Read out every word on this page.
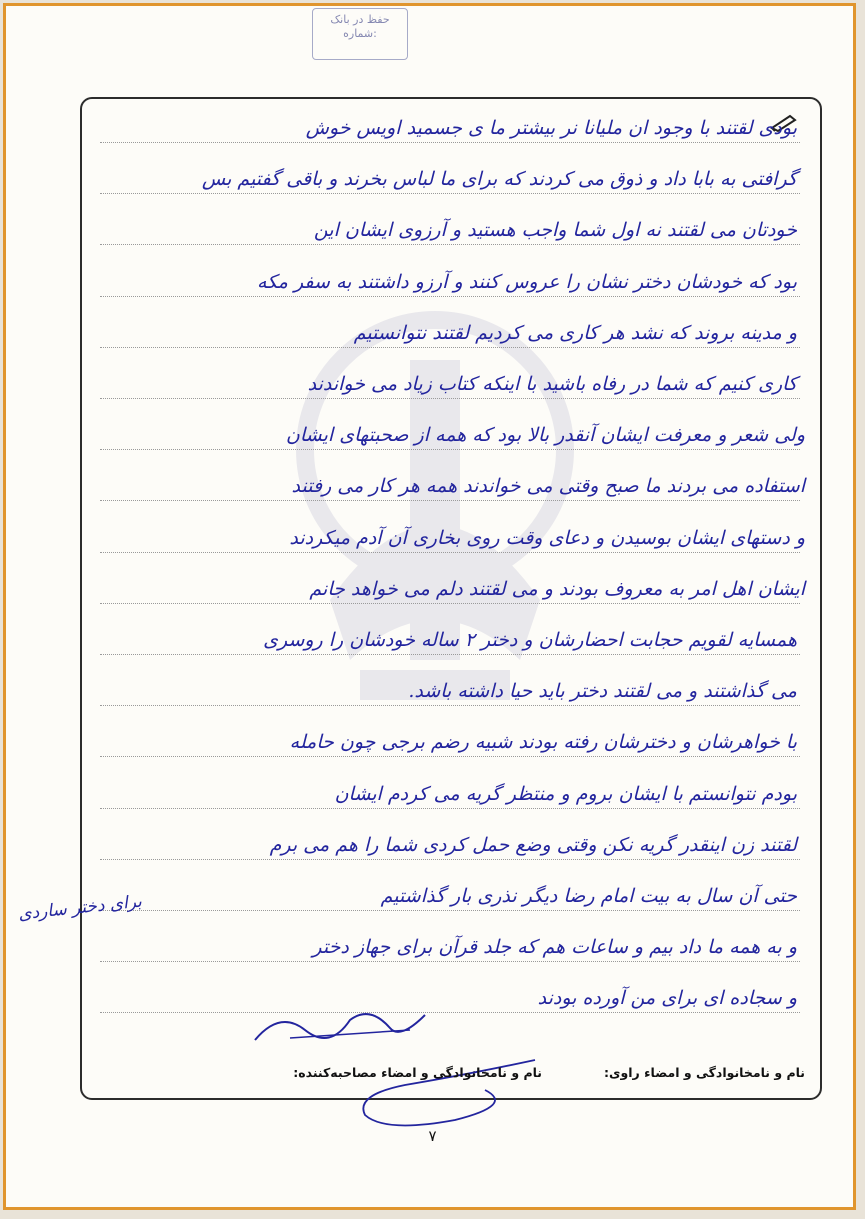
حفظ در بانک
شماره:
بودی لقتند با وجود ان ملیانا نر بیشتر ما ی جسمید اویس خوش
گرافتی به بابا داد و ذوق می کردند که برای ما لباس بخرند و باقی گفتیم بس
خودتان می لقتند نه اول شما واجب هستید و آرزوی ایشان این
بود که خودشان دختر نشان را عروس کنند و آرزو داشتند به سفر مکه
و مدینه بروند که نشد هر کاری می کردیم لقتند نتوانستیم
کاری کنیم که شما در رفاه باشید با اینکه کتاب زیاد می خواندند
ولی شعر و معرفت ایشان آنقدر بالا بود که همه از صحبتهای ایشان
استفاده می بردند ما صبح وقتی می خواندند همه هر کار می رفتند
و دستهای ایشان بوسیدن و دعای وقت روی بخاری آن آدم میکردند
ایشان اهل امر به معروف بودند و می لقتند دلم می خواهد جانم
همسایه لقویم حجابت احضارشان و دختر ۲ ساله خودشان را روسری
می گذاشتند و می لقتند دختر باید حیا داشته باشد.
با خواهرشان و دخترشان رفته بودند شبیه رضم برجی چون حامله
بودم نتوانستم با ایشان بروم و منتظر گریه می کردم ایشان
لقتند زن اینقدر گریه نکن وقتی وضع حمل کردی شما را هم می برم
حتی آن سال به بیت امام رضا دیگر نذری بار گذاشتیم
و به همه ما داد بیم و ساعات هم که جلد قرآن برای جهاز دختر
و سجاده ای برای من آورده بودند
برای دختر ساردی
نام و نامخانوادگی و امضاء مصاحبه‌کننده:	نام و نامخانوادگی و امضاء راوی:
۷
